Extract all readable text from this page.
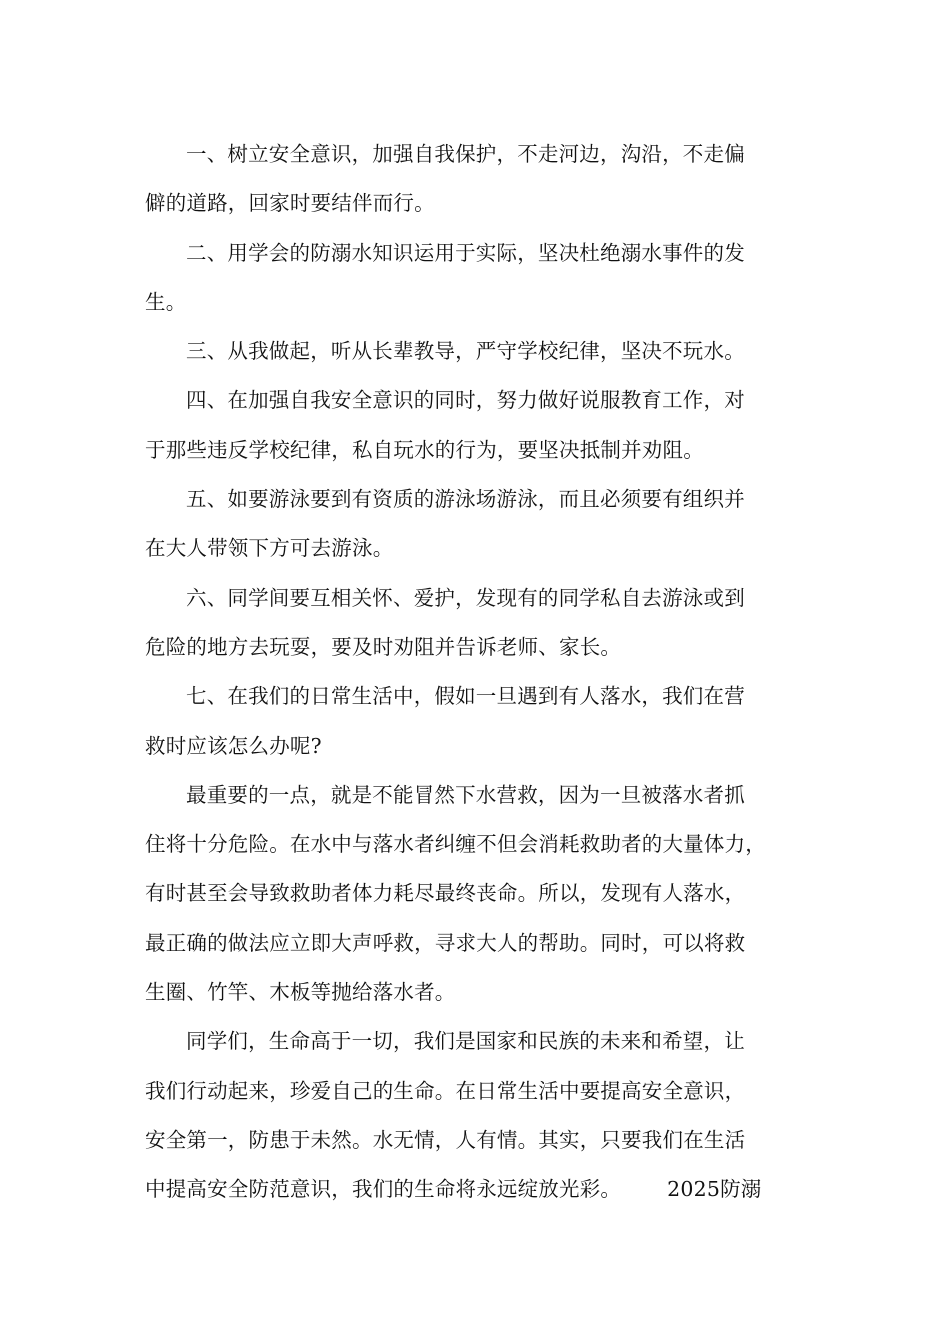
一、树立安全意识，加强自我保护，不走河边，沟沿，不走偏
僻的道路，回家时要结伴而行。

二、用学会的防溺水知识运用于实际，坚决杜绝溺水事件的发
生。

三、从我做起，听从长辈教导，严守学校纪律，坚决不玩水。

四、在加强自我安全意识的同时，努力做好说服教育工作，对
于那些违反学校纪律，私自玩水的行为，要坚决抵制并劝阻。

五、如要游泳要到有资质的游泳场游泳，而且必须要有组织并
在大人带领下方可去游泳。

六、同学间要互相关怀、爱护，发现有的同学私自去游泳或到
危险的地方去玩耍，要及时劝阻并告诉老师、家长。

七、在我们的日常生活中，假如一旦遇到有人落水，我们在营
救时应该怎么办呢?

最重要的一点，就是不能冒然下水营救，因为一旦被落水者抓
住将十分危险。在水中与落水者纠缠不但会消耗救助者的大量体力，
有时甚至会导致救助者体力耗尽最终丧命。所以，发现有人落水，
最正确的做法应立即大声呼救，寻求大人的帮助。同时，可以将救
生圈、竹竿、木板等抛给落水者。

同学们，生命高于一切，我们是国家和民族的未来和希望，让
我们行动起来，珍爱自己的生命。在日常生活中要提高安全意识，
安全第一，防患于未然。水无情，人有情。其实，只要我们在生活
中提高安全防范意识，我们的生命将永远绽放光彩。 2025防溺
